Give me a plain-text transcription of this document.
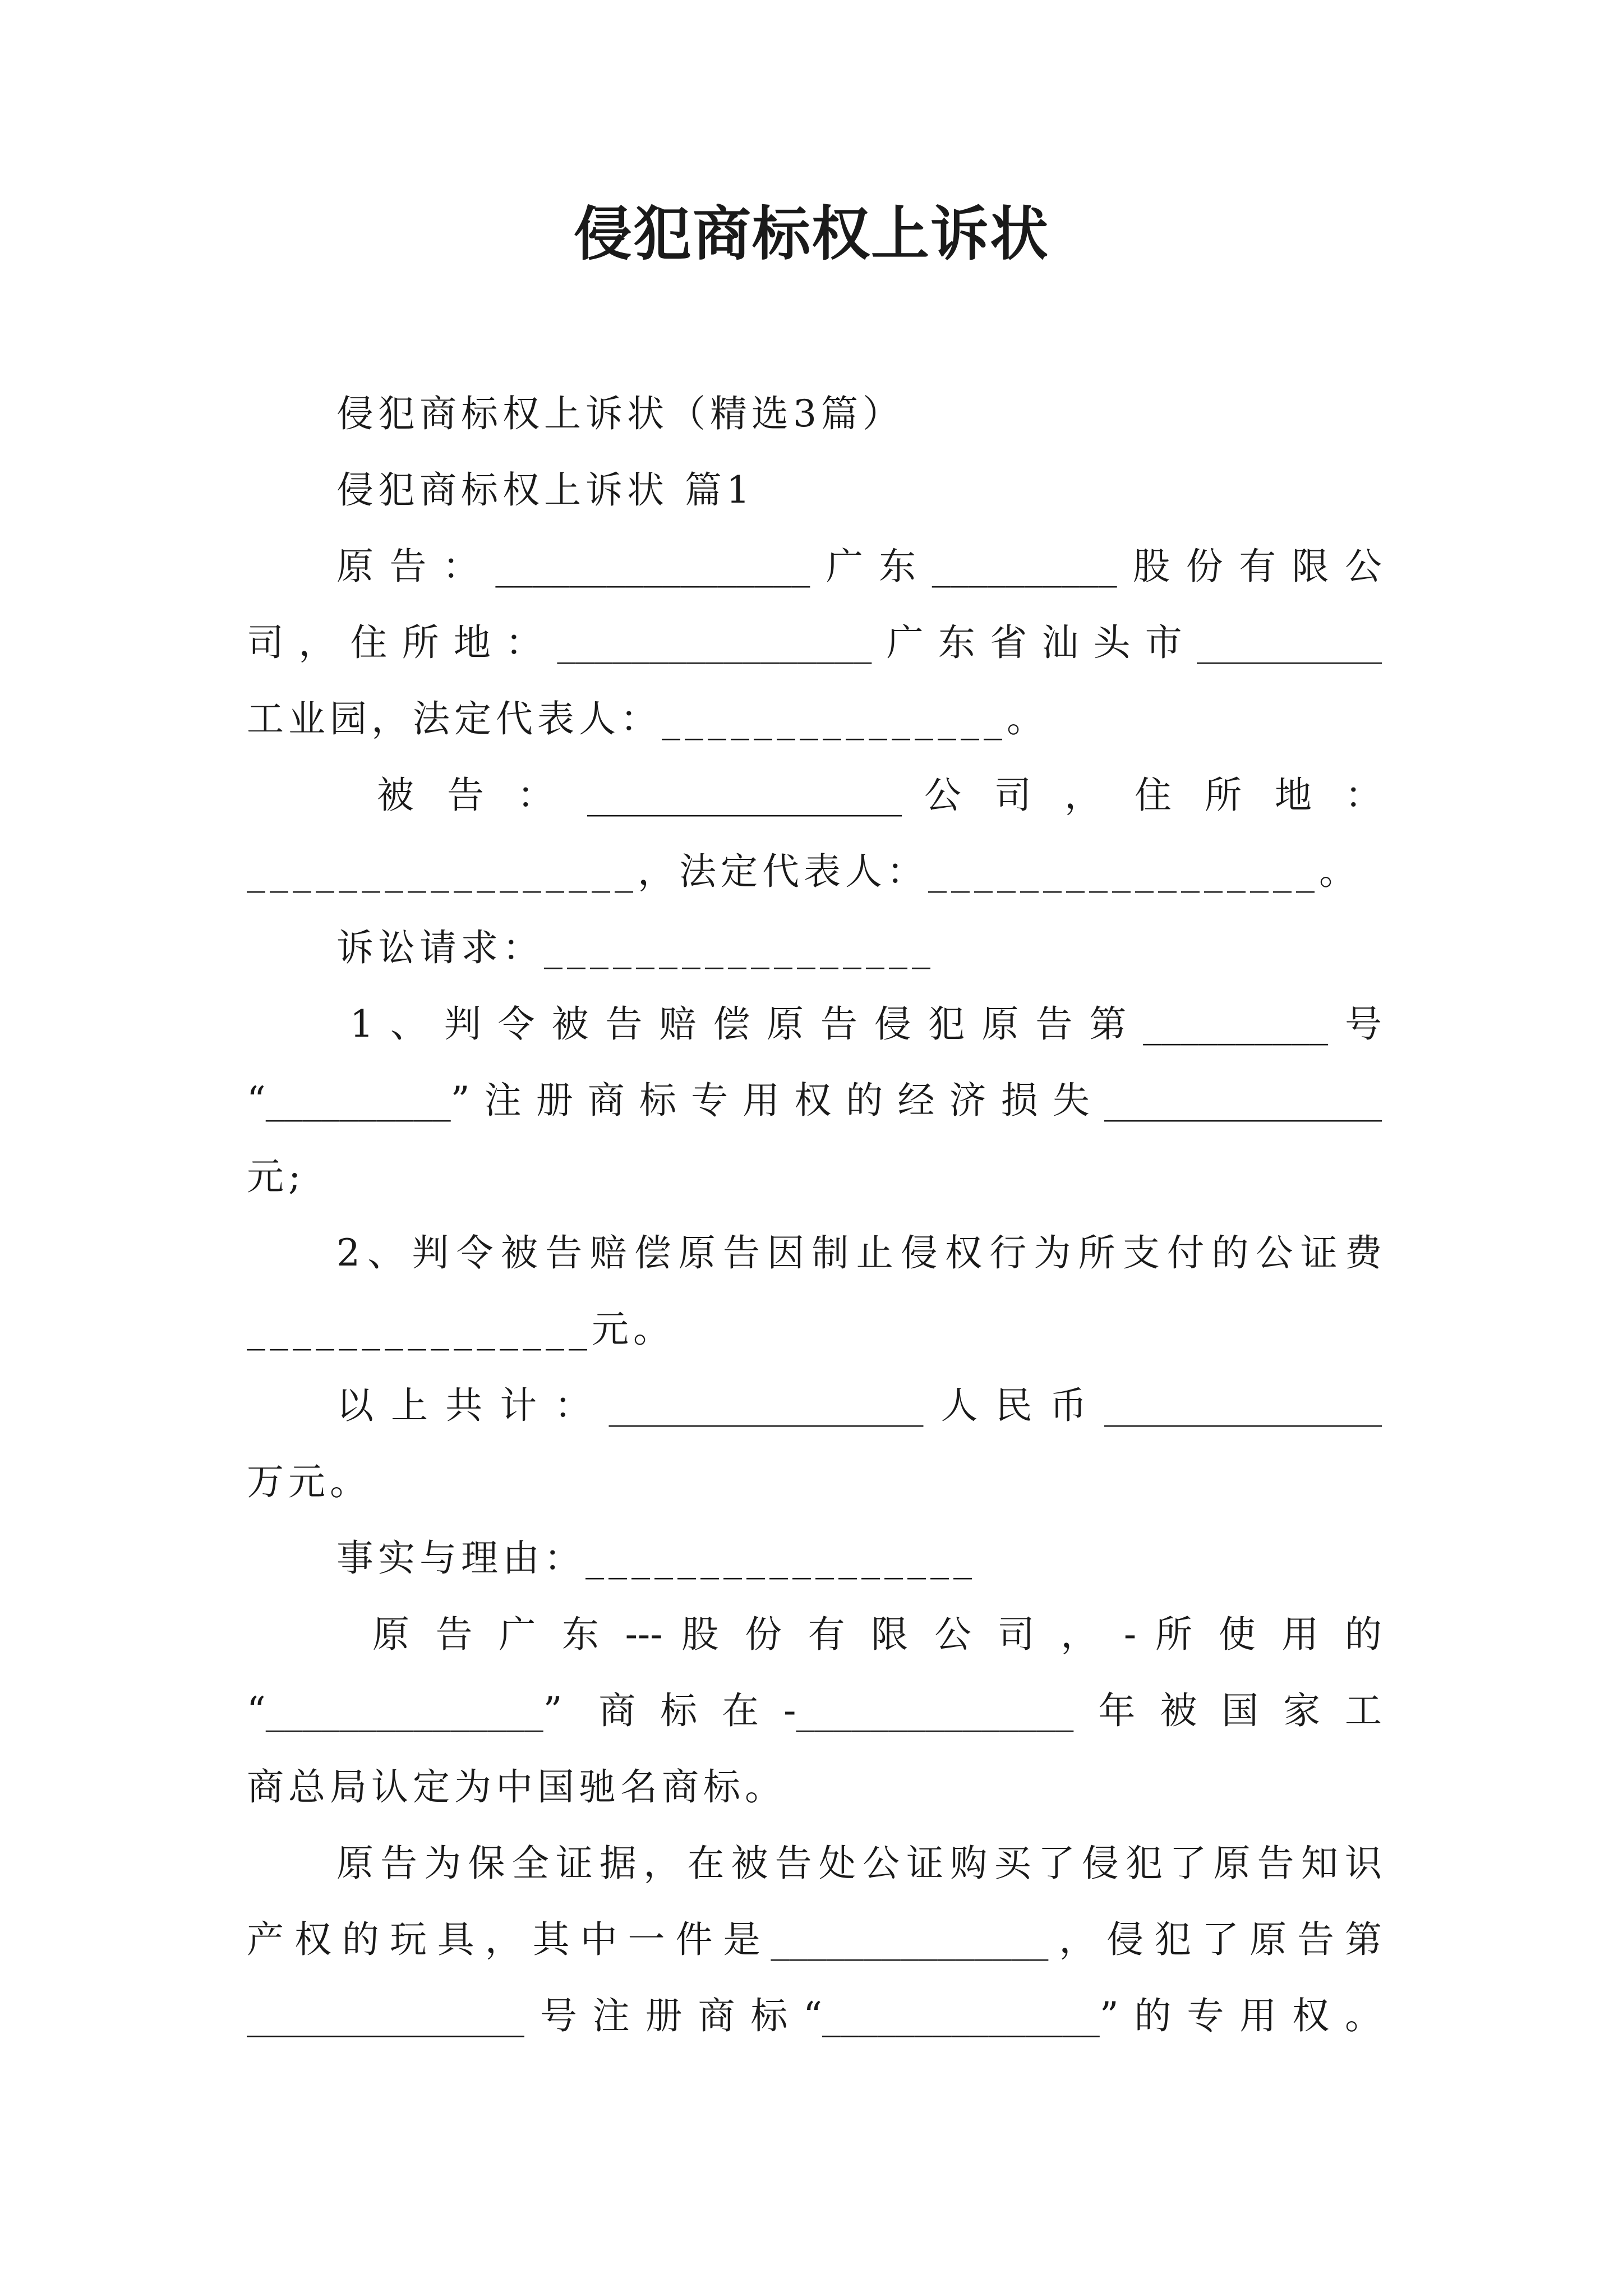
侵犯商标权上诉状
侵犯商标权上诉状（精选3篇）
侵犯商标权上诉状 篇1
原告：_________________广东__________股份有限公
司，住所地：_________________广东省汕头市__________
工业园，法定代表人：_______________。
被 告 ： _________________ 公 司 ， 住 所 地 ：
_________________，法定代表人：_________________。
诉讼请求：_________________
1、判令被告赔偿原告侵犯原告第__________号
“__________”注册商标专用权的经济损失_______________
元;
2、判令被告赔偿原告因制止侵权行为所支付的公证费
_______________元。
以上共计：_________________人民币_______________
万元。
事实与理由：_________________
原 告 广 东 --- 股 份 有 限 公 司 ， - 所 使 用 的
“_______________” 商标在-_______________年被国家工
商总局认定为中国驰名商标。
原告为保全证据，在被告处公证购买了侵犯了原告知识
产权的玩具，其中一件是_______________，侵犯了原告第
_______________号注册商标“_______________”的专用权。
